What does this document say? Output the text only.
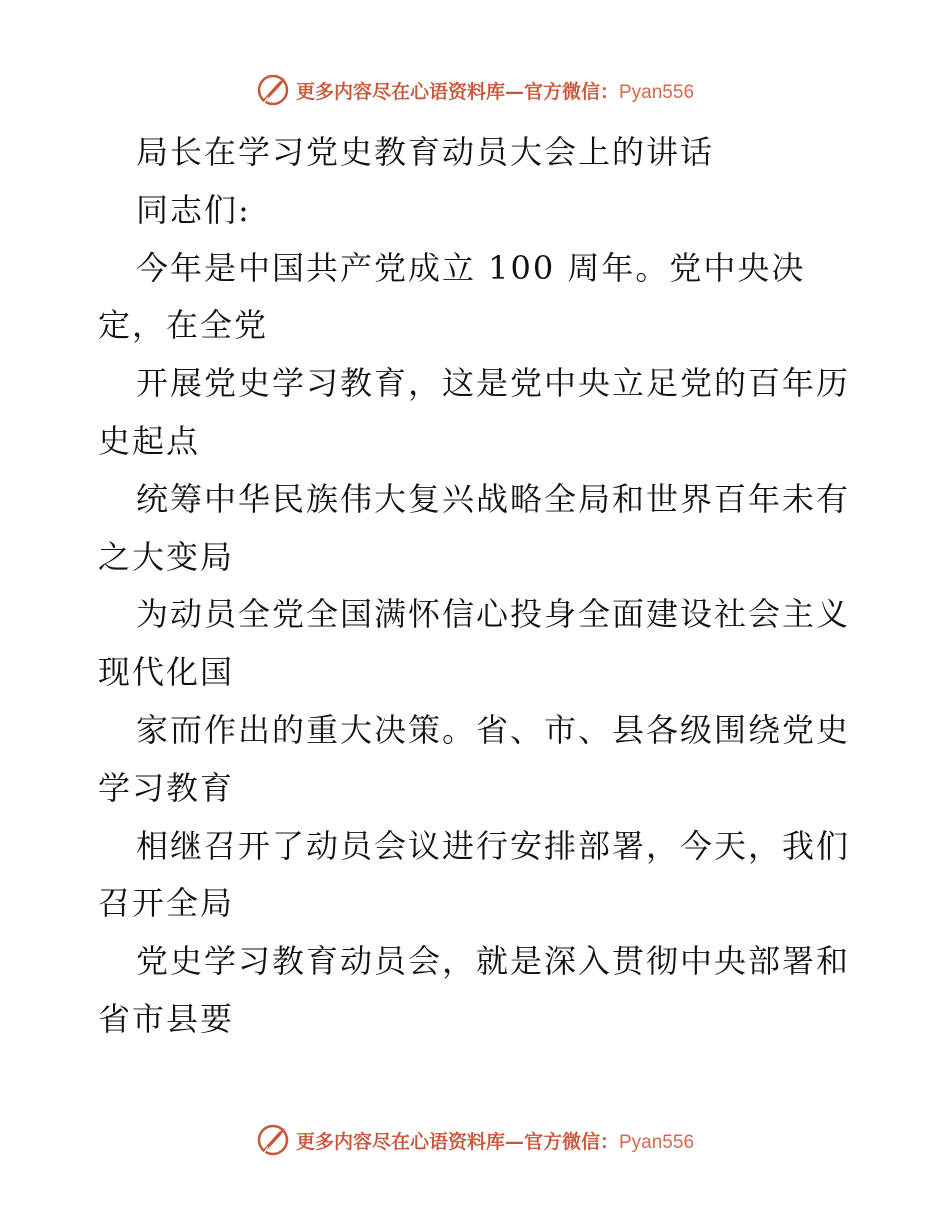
更多内容尽在心语资料库—官方微信：Pyan556
局长在学习党史教育动员大会上的讲话
同志们:
今年是中国共产党成立 100 周年。党中央决
定，在全党
开展党史学习教育，这是党中央立足党的百年历
史起点
统筹中华民族伟大复兴战略全局和世界百年未有
之大变局
为动员全党全国满怀信心投身全面建设社会主义
现代化国
家而作出的重大决策。省、市、县各级围绕党史
学习教育
相继召开了动员会议进行安排部署，今天，我们
召开全局
党史学习教育动员会，就是深入贯彻中央部署和
省市县要
更多内容尽在心语资料库—官方微信：Pyan556
